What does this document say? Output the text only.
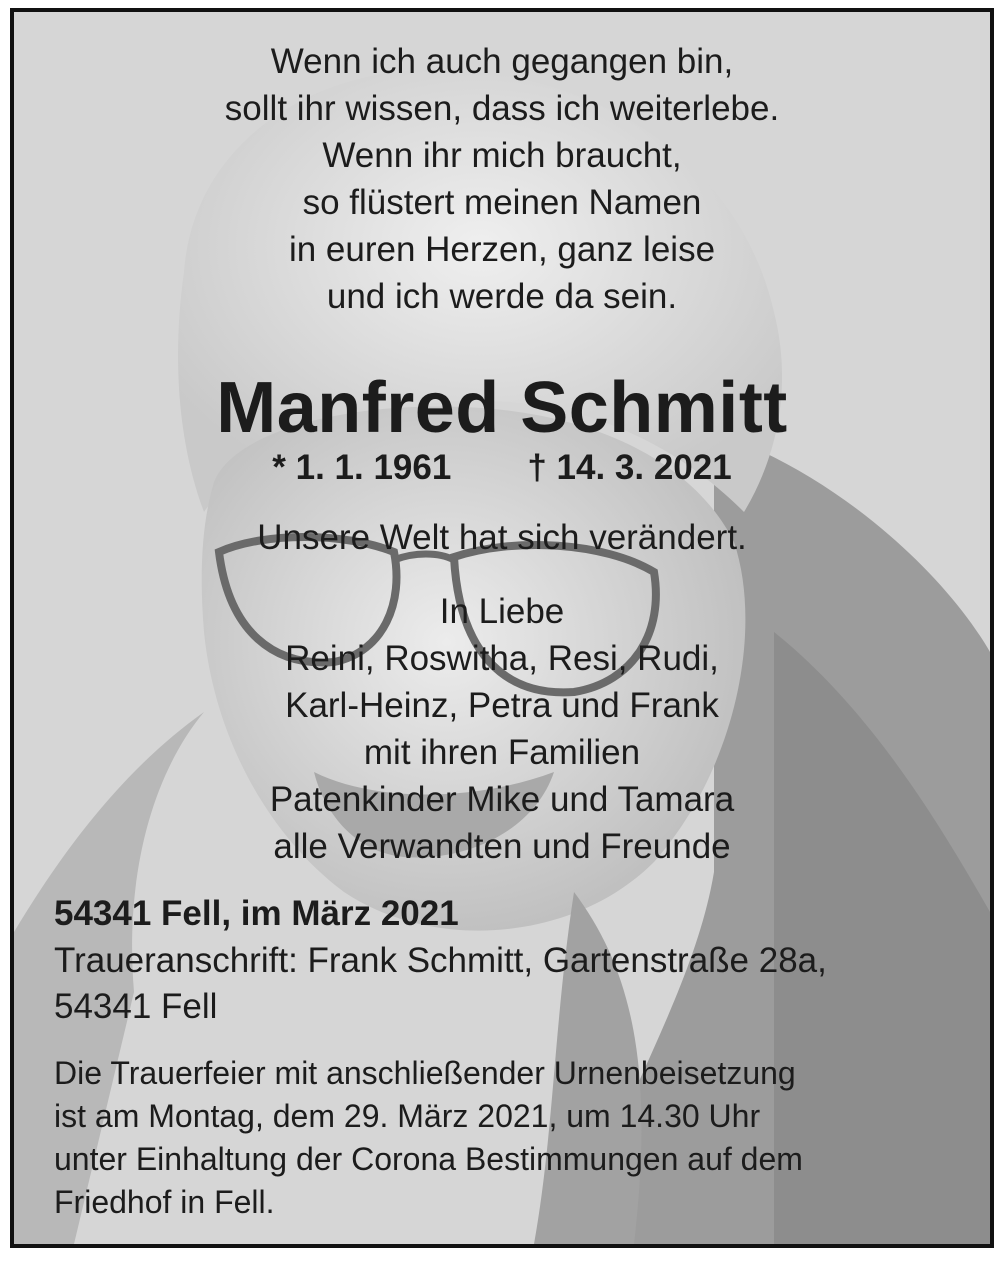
Wenn ich auch gegangen bin,
sollt ihr wissen, dass ich weiterlebe.
Wenn ihr mich braucht,
so flüstert meinen Namen
in euren Herzen, ganz leise
und ich werde da sein.
Manfred Schmitt
* 1. 1. 1961 † 14. 3. 2021
Unsere Welt hat sich verändert.
In Liebe
Reini, Roswitha, Resi, Rudi,
Karl-Heinz, Petra und Frank
mit ihren Familien
Patenkinder Mike und Tamara
alle Verwandten und Freunde
54341 Fell, im März 2021
Traueranschrift: Frank Schmitt, Gartenstraße 28a,
54341 Fell
Die Trauerfeier mit anschließender Urnenbeisetzung
ist am Montag, dem 29. März 2021, um 14.30 Uhr
unter Einhaltung der Corona Bestimmungen auf dem
Friedhof in Fell.
